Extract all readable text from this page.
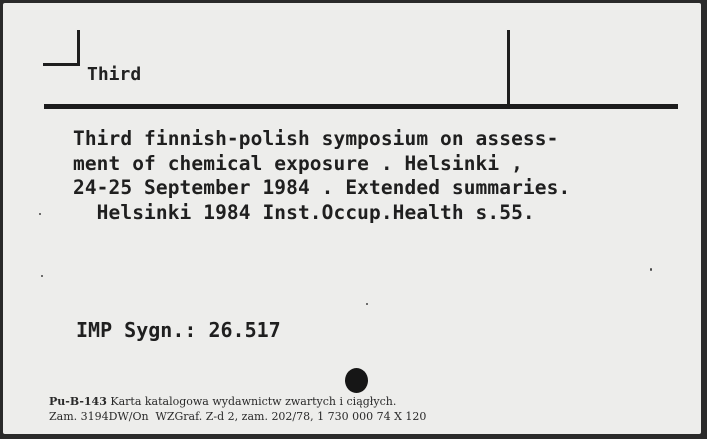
Third
Third finnish-polish symposium on assess-
ment of chemical exposure . Helsinki ,
24-25 September 1984 . Extended summaries.
Helsinki 1984 Inst.Occup.Health s.55.
IMP Sygn.: 26.517
Pu-B-143 Karta katalogowa wydawnictw zwartych i ciągłych.
Zam. 3194DW/On  WZGraf. Z-d 2, zam. 202/78, 1 730 000 74 X 120
